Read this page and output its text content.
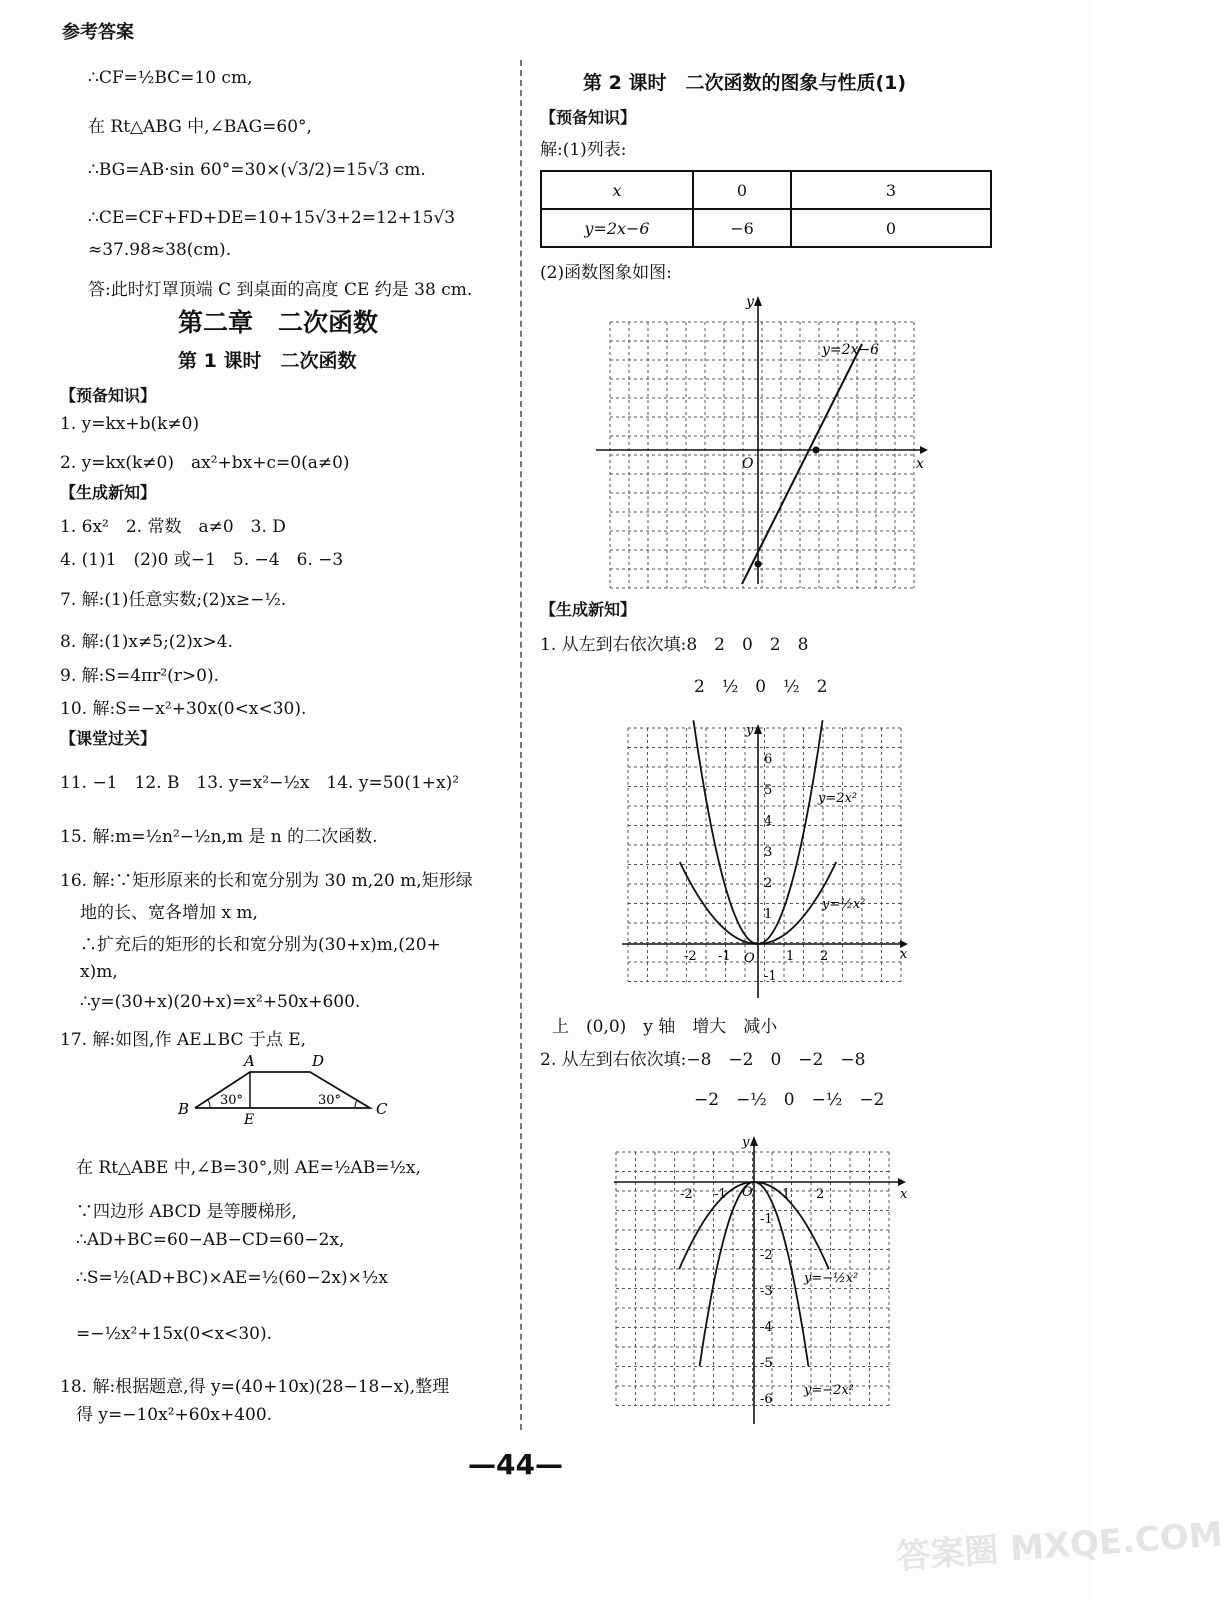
参考答案
∴CF=½BC=10 cm,
在 Rt△ABG 中,∠BAG=60°,
∴BG=AB·sin 60°=30×(√3/2)=15√3 cm.
∴CE=CF+FD+DE=10+15√3+2=12+15√3
≈37.98≈38(cm).
答:此时灯罩顶端 C 到桌面的高度 CE 约是 38 cm.
第二章　二次函数
第 1 课时　二次函数
【预备知识】
1. y=kx+b(k≠0)
2. y=kx(k≠0)　ax²+bx+c=0(a≠0)
【生成新知】
1. 6x²　2. 常数　a≠0　3. D
4. (1)1　(2)0 或−1　5. −4　6. −3
7. 解:(1)任意实数;(2)x≥−½.
8. 解:(1)x≠5;(2)x>4.
9. 解:S=4πr²(r>0).
10. 解:S=−x²+30x(0<x<30).
【课堂过关】
11. −1　12. B　13. y=x²−½x　14. y=50(1+x)²
15. 解:m=½n²−½n,m 是 n 的二次函数.
16. 解:∵矩形原来的长和宽分别为 30 m,20 m,矩形绿
地的长、宽各增加 x m,
∴扩充后的矩形的长和宽分别为(30+x)m,(20+
x)m,
∴y=(30+x)(20+x)=x²+50x+600.
17. 解:如图,作 AE⊥BC 于点 E,
A	D
B	C
E
30°	30°
在 Rt△ABE 中,∠B=30°,则 AE=½AB=½x,
∵四边形 ABCD 是等腰梯形,
∴AD+BC=60−AB−CD=60−2x,
∴S=½(AD+BC)×AE=½(60−2x)×½x
=−½x²+15x(0<x<30).
18. 解:根据题意,得 y=(40+10x)(28−18−x),整理
得 y=−10x²+60x+400.
第 2 课时　二次函数的图象与性质(1)
【预备知识】
解:(1)列表:
x	0	3
y=2x−6	−6	0
(2)函数图象如图:
y
x
O
y=2x−6
【生成新知】
1. 从左到右依次填:8　2　0　2　8
2　½　0　½　2
y
x
O
-2 -1	1 2
6
5
4
3
2
1
-1
y=2x²
y=½x²
上　(0,0)　y 轴　增大　减小
2. 从左到右依次填:−8　−2　0　−2　−8
−2　−½　0　−½　−2
y
x
O
-2 -1	1 2
-1
-2
-3
-4
-5
-6
y=−½x²
y=−2x²
—44—
答案圈 MXQE.COM
